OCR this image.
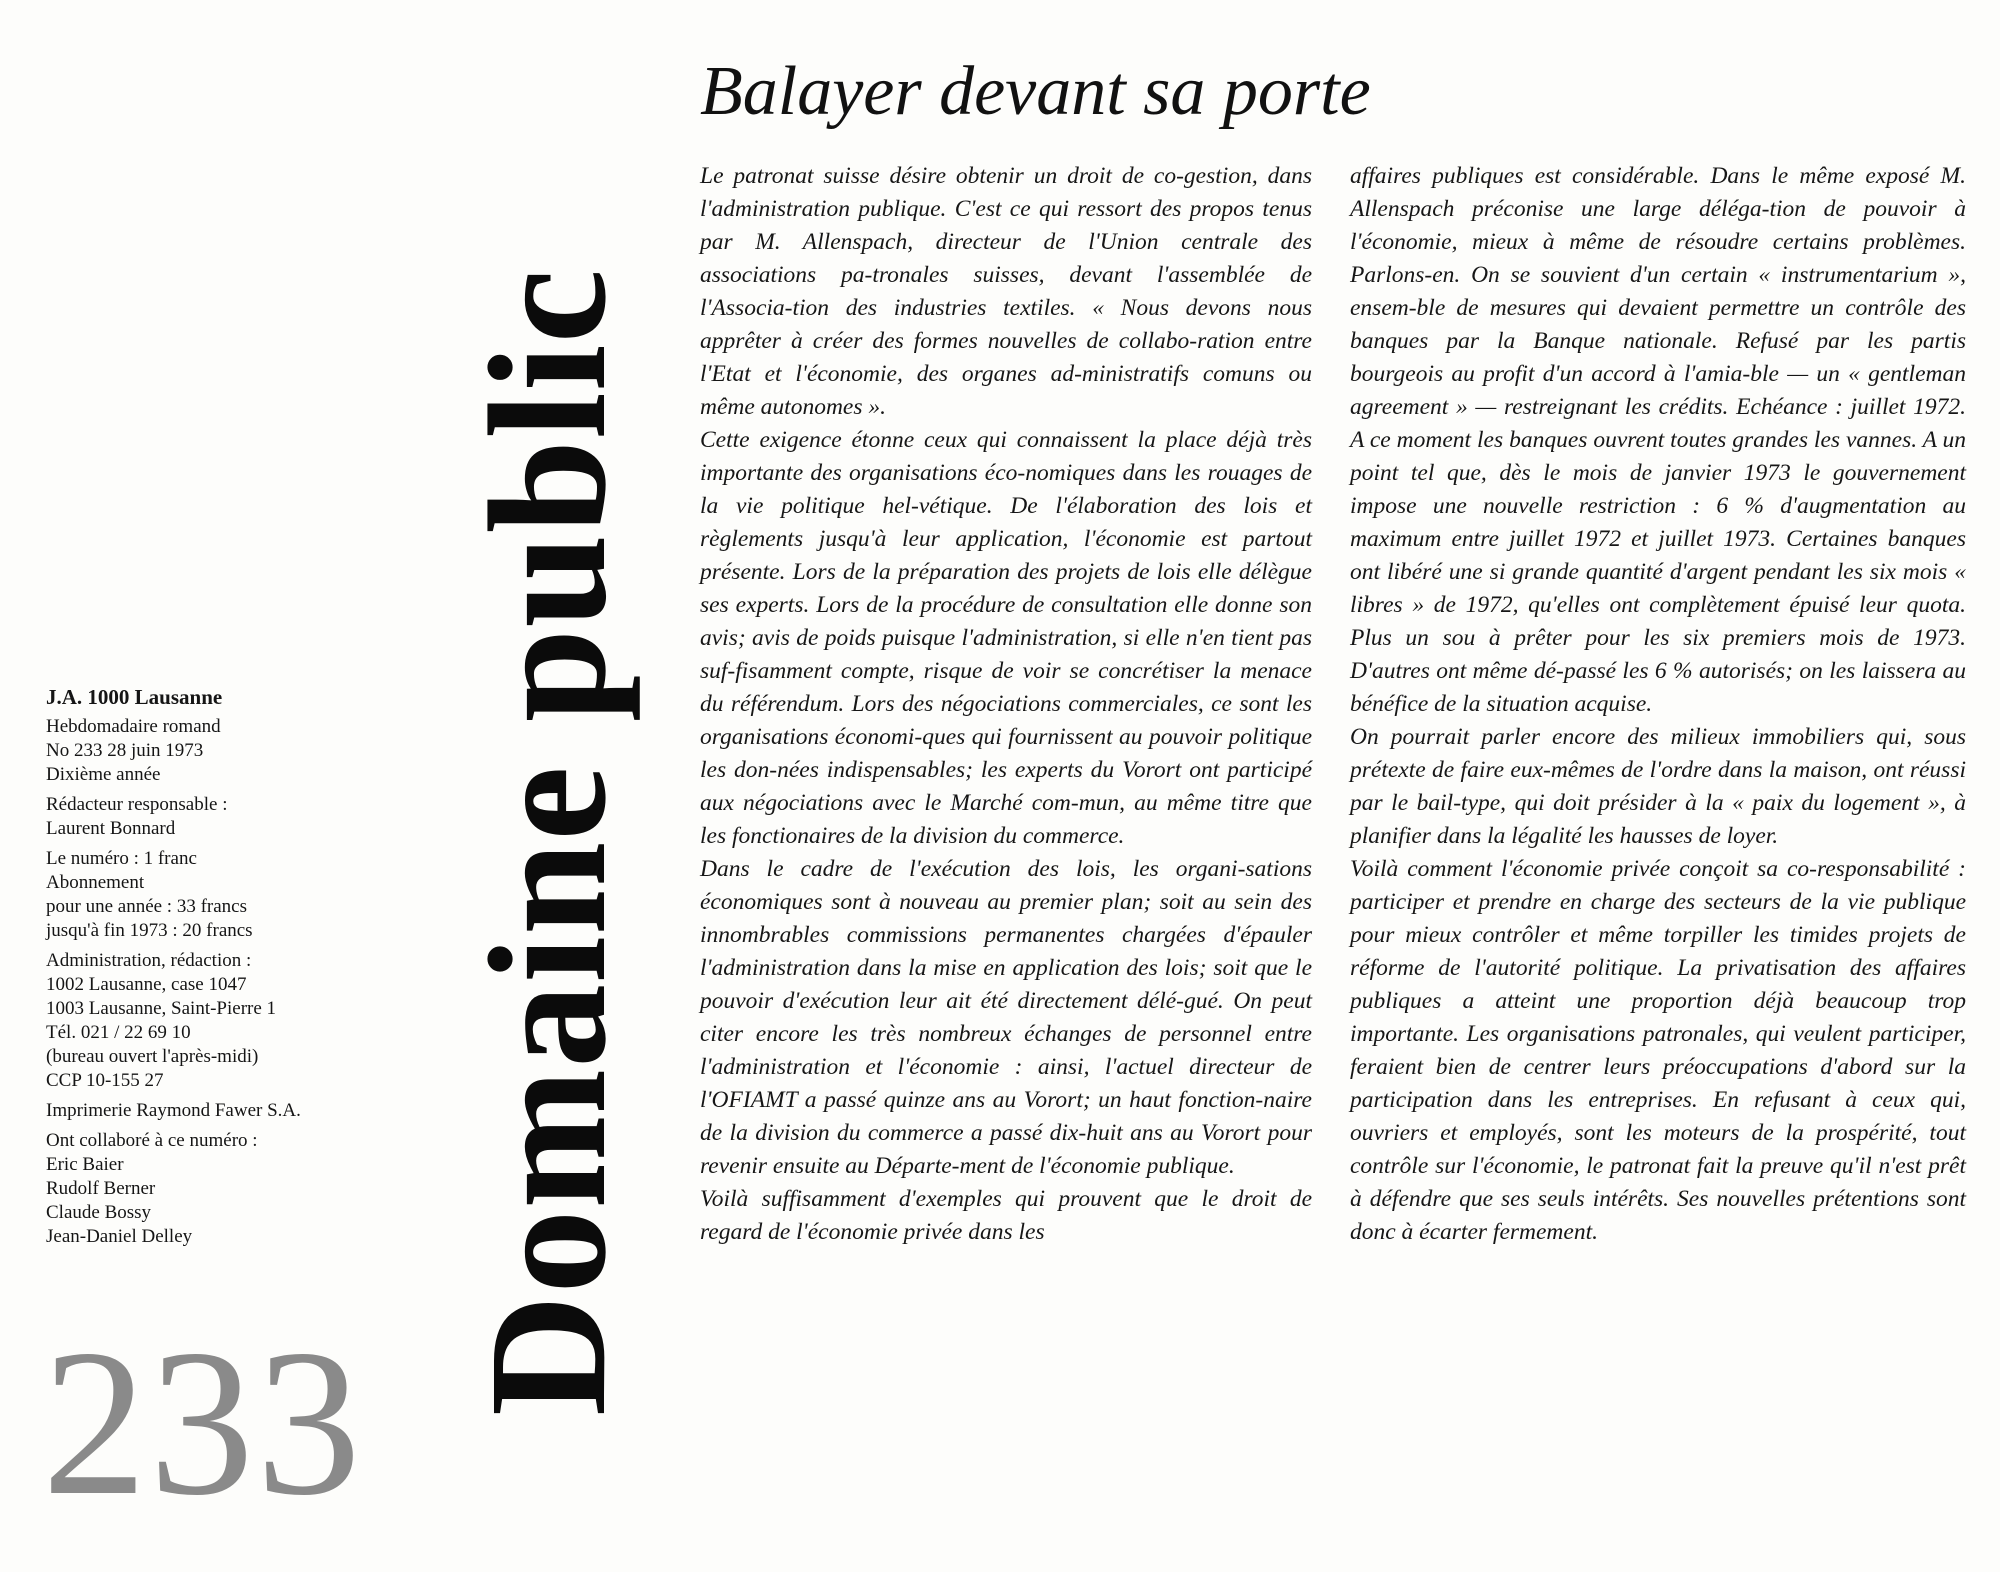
Domaine public
Balayer devant sa porte
J.A. 1000 Lausanne
Hebdomadaire romand
No 233 28 juin 1973
Dixième année
Rédacteur responsable :
Laurent Bonnard
Le numéro : 1 franc
Abonnement
pour une année : 33 francs
jusqu'à fin 1973 : 20 francs
Administration, rédaction :
1002 Lausanne, case 1047
1003 Lausanne, Saint-Pierre 1
Tél. 021 / 22 69 10
(bureau ouvert l'après-midi)
CCP 10-155 27
Imprimerie Raymond Fawer S.A.
Ont collaboré à ce numéro :
Eric Baier
Rudolf Berner
Claude Bossy
Jean-Daniel Delley
233

Le patronat suisse désire obtenir un droit de co-gestion, dans l'administration publique. C'est ce qui ressort des propos tenus par M. Allenspach, directeur de l'Union centrale des associations pa-tronales suisses, devant l'assemblée de l'Associa-tion des industries textiles. « Nous devons nous apprêter à créer des formes nouvelles de collabo-ration entre l'Etat et l'économie, des organes ad-ministratifs comuns ou même autonomes ».

Cette exigence étonne ceux qui connaissent la place déjà très importante des organisations éco-nomiques dans les rouages de la vie politique hel-vétique. De l'élaboration des lois et règlements jusqu'à leur application, l'économie est partout présente. Lors de la préparation des projets de lois elle délègue ses experts. Lors de la procédure de consultation elle donne son avis; avis de poids puisque l'administration, si elle n'en tient pas suf-fisamment compte, risque de voir se concrétiser la menace du référendum. Lors des négociations commerciales, ce sont les organisations économi-ques qui fournissent au pouvoir politique les don-nées indispensables; les experts du Vorort ont participé aux négociations avec le Marché com-mun, au même titre que les fonctionaires de la division du commerce.

Dans le cadre de l'exécution des lois, les organi-sations économiques sont à nouveau au premier plan; soit au sein des innombrables commissions permanentes chargées d'épauler l'administration dans la mise en application des lois; soit que le pouvoir d'exécution leur ait été directement délé-gué. On peut citer encore les très nombreux échanges de personnel entre l'administration et l'économie : ainsi, l'actuel directeur de l'OFIAMT a passé quinze ans au Vorort; un haut fonction-naire de la division du commerce a passé dix-huit ans au Vorort pour revenir ensuite au Départe-ment de l'économie publique.

Voilà suffisamment d'exemples qui prouvent que le droit de regard de l'économie privée dans les

affaires publiques est considérable. Dans le même exposé M. Allenspach préconise une large déléga-tion de pouvoir à l'économie, mieux à même de résoudre certains problèmes. Parlons-en. On se souvient d'un certain « instrumentarium », ensem-ble de mesures qui devaient permettre un contrôle des banques par la Banque nationale. Refusé par les partis bourgeois au profit d'un accord à l'amia-ble — un « gentleman agreement » — restreignant les crédits. Echéance : juillet 1972. A ce moment les banques ouvrent toutes grandes les vannes. A un point tel que, dès le mois de janvier 1973 le gouvernement impose une nouvelle restriction : 6 % d'augmentation au maximum entre juillet 1972 et juillet 1973. Certaines banques ont libéré une si grande quantité d'argent pendant les six mois « libres » de 1972, qu'elles ont complètement épuisé leur quota. Plus un sou à prêter pour les six premiers mois de 1973. D'autres ont même dé-passé les 6 % autorisés; on les laissera au bénéfice de la situation acquise.

On pourrait parler encore des milieux immobiliers qui, sous prétexte de faire eux-mêmes de l'ordre dans la maison, ont réussi par le bail-type, qui doit présider à la « paix du logement », à planifier dans la légalité les hausses de loyer.

Voilà comment l'économie privée conçoit sa co-responsabilité : participer et prendre en charge des secteurs de la vie publique pour mieux contrôler et même torpiller les timides projets de réforme de l'autorité politique. La privatisation des affaires publiques a atteint une proportion déjà beaucoup trop importante. Les organisations patronales, qui veulent participer, feraient bien de centrer leurs préoccupations d'abord sur la participation dans les entreprises. En refusant à ceux qui, ouvriers et employés, sont les moteurs de la prospérité, tout contrôle sur l'économie, le patronat fait la preuve qu'il n'est prêt à défendre que ses seuls intérêts. Ses nouvelles prétentions sont donc à écarter fermement.
